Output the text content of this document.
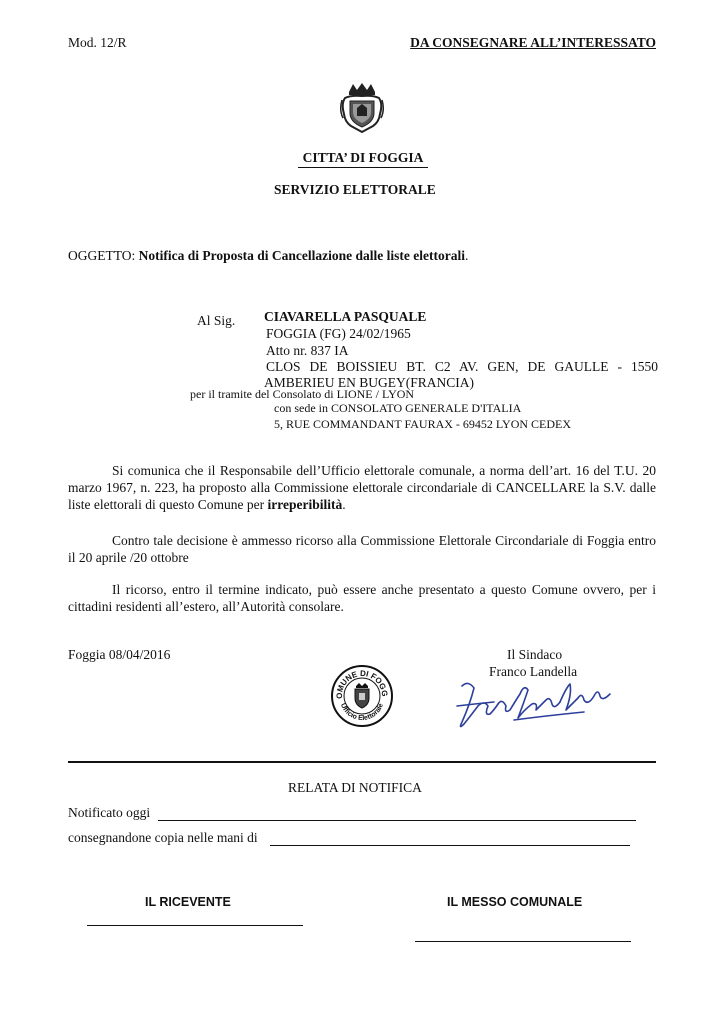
Mod. 12/R	DA CONSEGNARE ALL’INTERESSATO
CITTA’ DI FOGGIA
SERVIZIO ELETTORALE
OGGETTO: Notifica di Proposta di Cancellazione dalle liste elettorali.
Al Sig. CIAVARELLA PASQUALE
FOGGIA (FG) 24/02/1965
Atto nr. 837 IA
CLOS DE BOISSIEU BT. C2 AV. GEN, DE GAULLE - 1550
AMBERIEU EN BUGEY(FRANCIA)
per il tramite del Consolato di LIONE / LYON
con sede in CONSOLATO GENERALE D'ITALIA
5, RUE COMMANDANT FAURAX - 69452 LYON CEDEX
Si comunica che il Responsabile dell’Ufficio elettorale comunale, a norma dell’art. 16 del T.U. 20 marzo 1967, n. 223, ha proposto alla Commissione elettorale circondariale di CANCELLARE la S.V. dalle liste elettorali di questo Comune per irreperibilità.
Contro tale decisione è ammesso ricorso alla Commissione Elettorale Circondariale di Foggia entro il 20 aprile /20 ottobre
Il ricorso, entro il termine indicato, può essere anche presentato a questo Comune ovvero, per i cittadini residenti all’estero, all’Autorità consolare.
Foggia 08/04/2016	Il Sindaco
Franco Landella
OMUNE DI FOGG
Ufficio Elettorale
RELATA DI NOTIFICA
Notificato oggi
consegnandone copia nelle mani di
IL RICEVENTE	IL MESSO COMUNALE
